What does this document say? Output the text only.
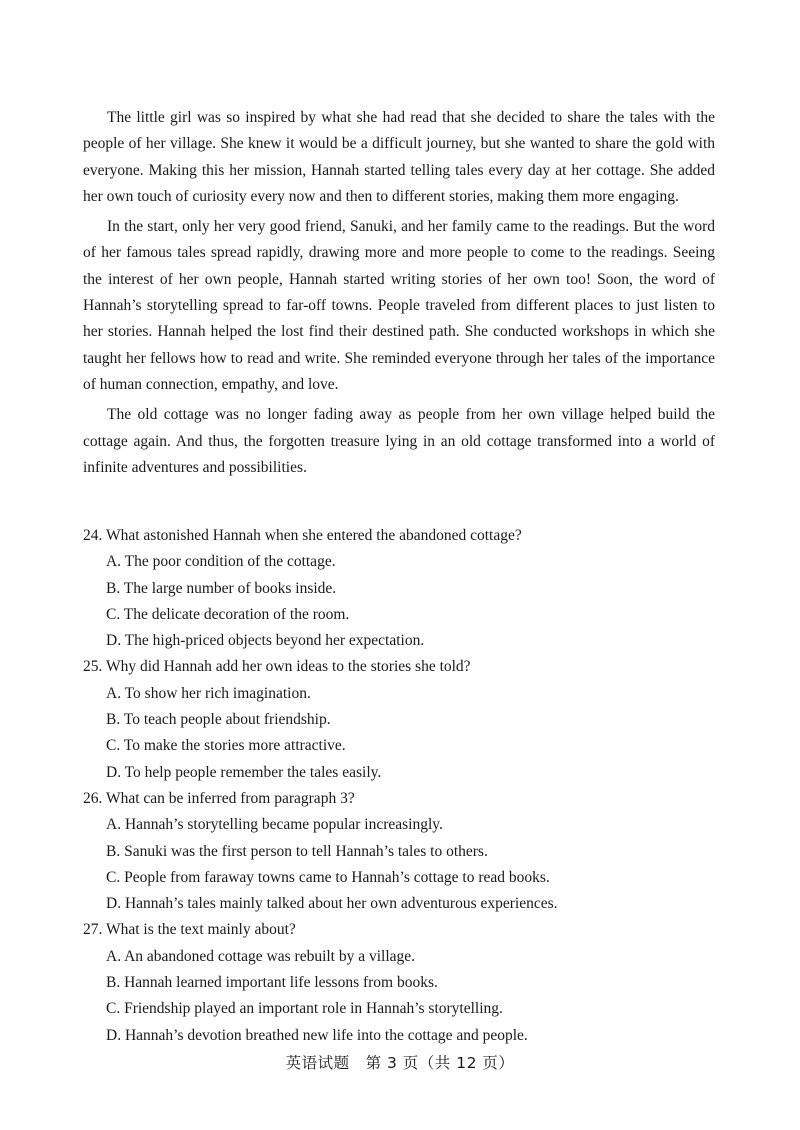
The little girl was so inspired by what she had read that she decided to share the tales with the people of her village. She knew it would be a difficult journey, but she wanted to share the gold with everyone. Making this her mission, Hannah started telling tales every day at her cottage. She added her own touch of curiosity every now and then to different stories, making them more engaging.

In the start, only her very good friend, Sanuki, and her family came to the readings. But the word of her famous tales spread rapidly, drawing more and more people to come to the readings. Seeing the interest of her own people, Hannah started writing stories of her own too! Soon, the word of Hannah’s storytelling spread to far-off towns. People traveled from different places to just listen to her stories. Hannah helped the lost find their destined path. She conducted workshops in which she taught her fellows how to read and write. She reminded everyone through her tales of the importance of human connection, empathy, and love.

The old cottage was no longer fading away as people from her own village helped build the cottage again. And thus, the forgotten treasure lying in an old cottage transformed into a world of infinite adventures and possibilities.

24. What astonished Hannah when she entered the abandoned cottage?

A. The poor condition of the cottage.

B. The large number of books inside.

C. The delicate decoration of the room.

D. The high-priced objects beyond her expectation.

25. Why did Hannah add her own ideas to the stories she told?

A. To show her rich imagination.

B. To teach people about friendship.

C. To make the stories more attractive.

D. To help people remember the tales easily.

26. What can be inferred from paragraph 3?

A. Hannah’s storytelling became popular increasingly.

B. Sanuki was the first person to tell Hannah’s tales to others.

C. People from faraway towns came to Hannah’s cottage to read books.

D. Hannah’s tales mainly talked about her own adventurous experiences.

27. What is the text mainly about?

A. An abandoned cottage was rebuilt by a village.

B. Hannah learned important life lessons from books.

C. Friendship played an important role in Hannah’s storytelling.

D. Hannah’s devotion breathed new life into the cottage and people.

英语试题　第 3 页（共 12 页）
